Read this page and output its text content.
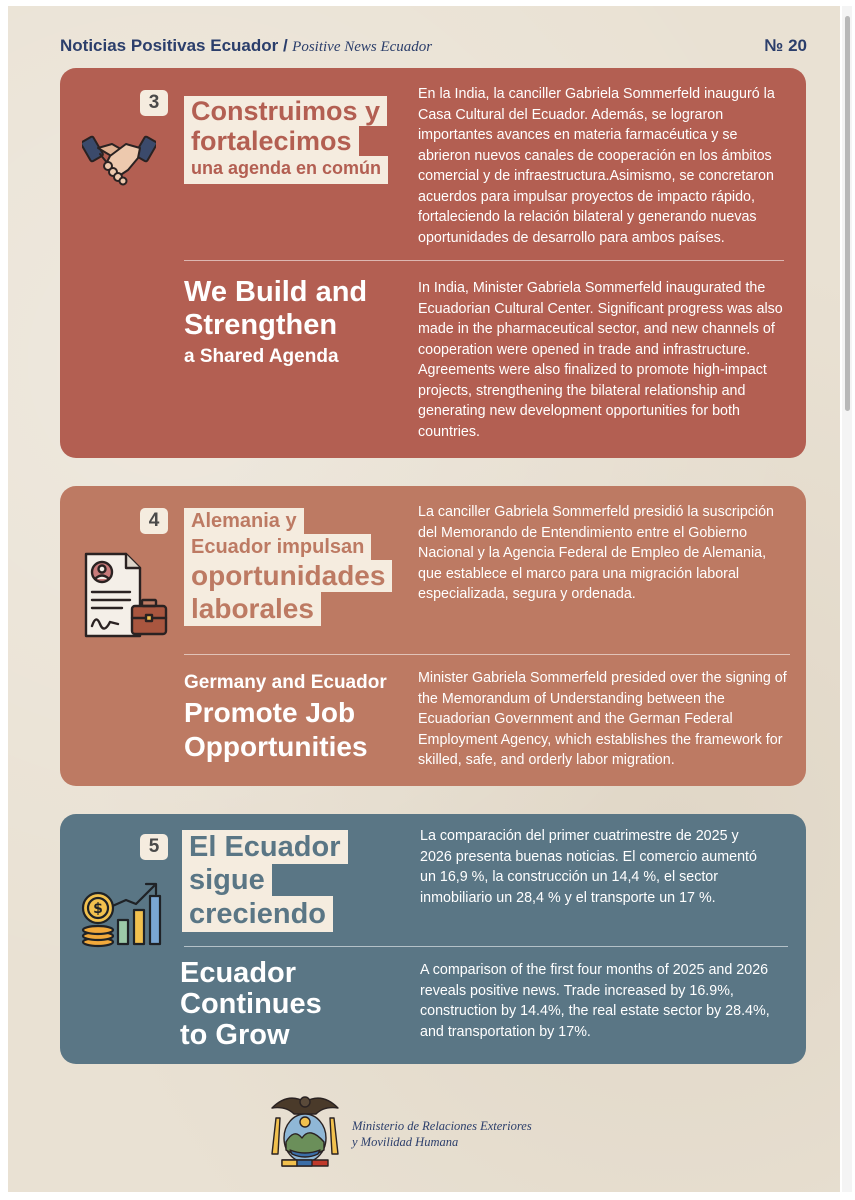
Noticias Positivas Ecuador / Positive News Ecuador	№ 20
3	Construimos y
fortalecimos
una agenda en común
En la India, la canciller Gabriela Sommerfeld inauguró la Casa Cultural del Ecuador. Además, se lograron importantes avances en materia farmacéutica y se abrieron nuevos canales de cooperación en los ámbitos comercial y de infraestructura.Asimismo, se concretaron acuerdos para impulsar proyectos de impacto rápido, fortaleciendo la relación bilateral y generando nuevas oportunidades de desarrollo para ambos países.
We Build and
Strengthen
a Shared Agenda
In India, Minister Gabriela Sommerfeld inaugurated the Ecuadorian Cultural Center. Significant progress was also made in the pharmaceutical sector, and new channels of cooperation were opened in trade and infrastructure. Agreements were also finalized to promote high-impact projects, strengthening the bilateral relationship and generating new development opportunities for both countries.
4	Alemania y
Ecuador impulsan
oportunidades
laborales
La canciller Gabriela Sommerfeld presidió la suscripción del Memorando de Entendimiento entre el Gobierno Nacional y la Agencia Federal de Empleo de Alemania, que establece el marco para una migración laboral especializada, segura y ordenada.
Germany and Ecuador
Promote Job
Opportunities
Minister Gabriela Sommerfeld presided over the signing of the Memorandum of Understanding between the Ecuadorian Government and the German Federal Employment Agency, which establishes the framework for skilled, safe, and orderly labor migration.
5
$
El Ecuador
sigue
creciendo
La comparación del primer cuatrimestre de 2025 y 2026 presenta buenas noticias. El comercio aumentó un 16,9 %, la construcción un 14,4 %, el sector inmobiliario un 28,4 % y el transporte un 17 %.
Ecuador
Continues
to Grow
A comparison of the first four months of 2025 and 2026 reveals positive news. Trade increased by 16.9%, construction by 14.4%, the real estate sector by 28.4%, and transportation by 17%.
Ministerio de Relaciones Exteriores
y Movilidad Humana
